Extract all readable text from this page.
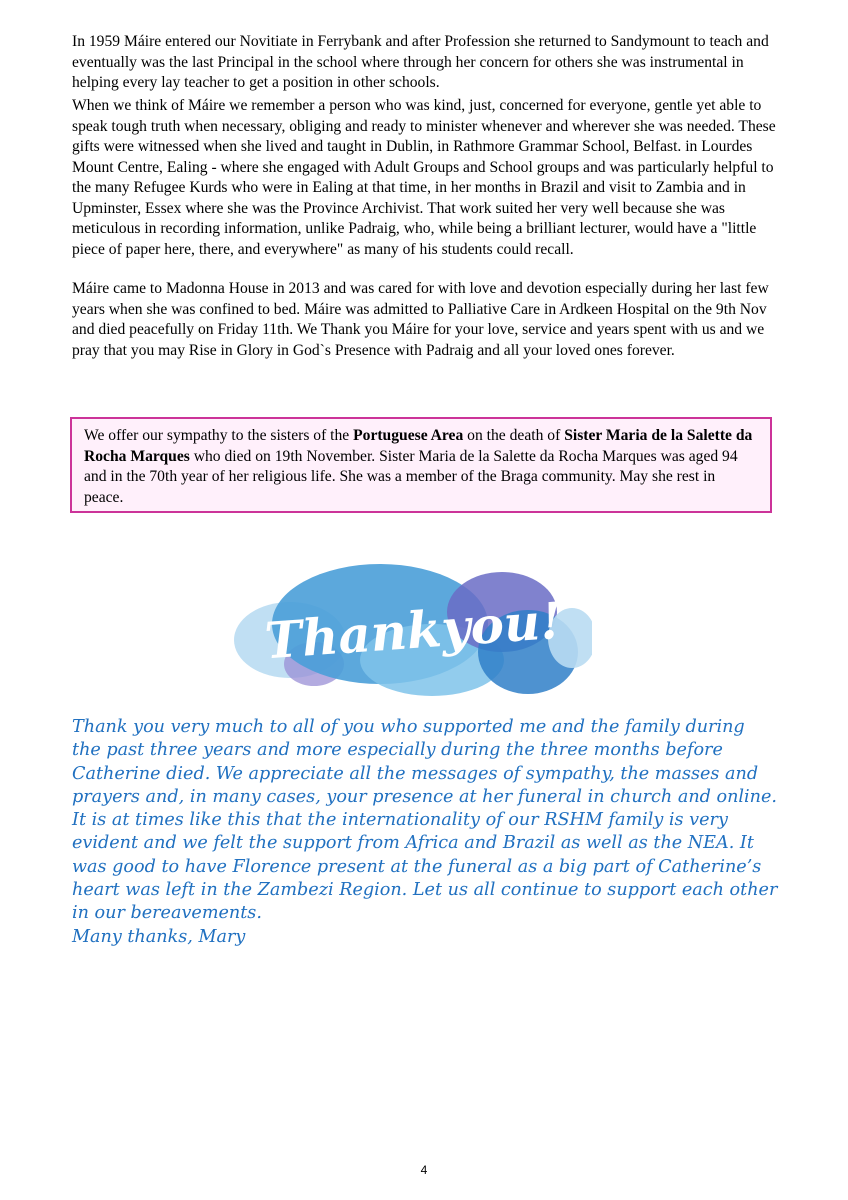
In 1959 Máire entered our Novitiate in Ferrybank and after Profession she returned to Sandymount to teach and eventually was the last Principal in the school where through her concern for others she was instrumental in helping every lay teacher to get a position in other schools.

When we think of Máire we remember a person who was kind, just, concerned for everyone, gentle yet able to speak tough truth when necessary, obliging and ready to minister whenever and wherever she was needed. These gifts were witnessed when she lived and taught in Dublin, in Rathmore Grammar School, Belfast. in Lourdes Mount Centre, Ealing - where she engaged with Adult Groups and School groups and was particularly helpful to the many Refugee Kurds who were in Ealing at that time, in her months in Brazil and visit to Zambia and in Upminster, Essex where she was the Province Archivist. That work suited her very well because she was meticulous in recording information, unlike Padraig, who, while being a brilliant lecturer, would have a "little piece of paper here, there, and everywhere" as many of his students could recall.

Máire came to Madonna House in 2013 and was cared for with love and devotion especially during her last few years when she was confined to bed. Máire was admitted to Palliative Care in Ardkeen Hospital on the 9th Nov and died peacefully on Friday 11th. We Thank you Máire for your love, service and years spent with us and we pray that you may Rise in Glory in God`s Presence with Padraig and all your loved ones forever.

We offer our sympathy to the sisters of the Portuguese Area on the death of Sister Maria de la Salette da Rocha Marques who died on 19th November. Sister Maria de la Salette da Rocha Marques was aged 94 and in the 70th year of her religious life. She was a member of the Braga community. May she rest in peace.

Thankyou!

Thank you very much to all of you who supported me and the family during
the past three years and more especially during the three months before
Catherine died. We appreciate all the messages of sympathy, the masses and
prayers and, in many cases, your presence at her funeral in church and online.
It is at times like this that the internationality of our RSHM family is very
evident and we felt the support from Africa and Brazil as well as the NEA. It
was good to have Florence present at the funeral as a big part of Catherine’s
heart was left in the Zambezi Region. Let us all continue to support each other
in our bereavements.
Many thanks, Mary

4
